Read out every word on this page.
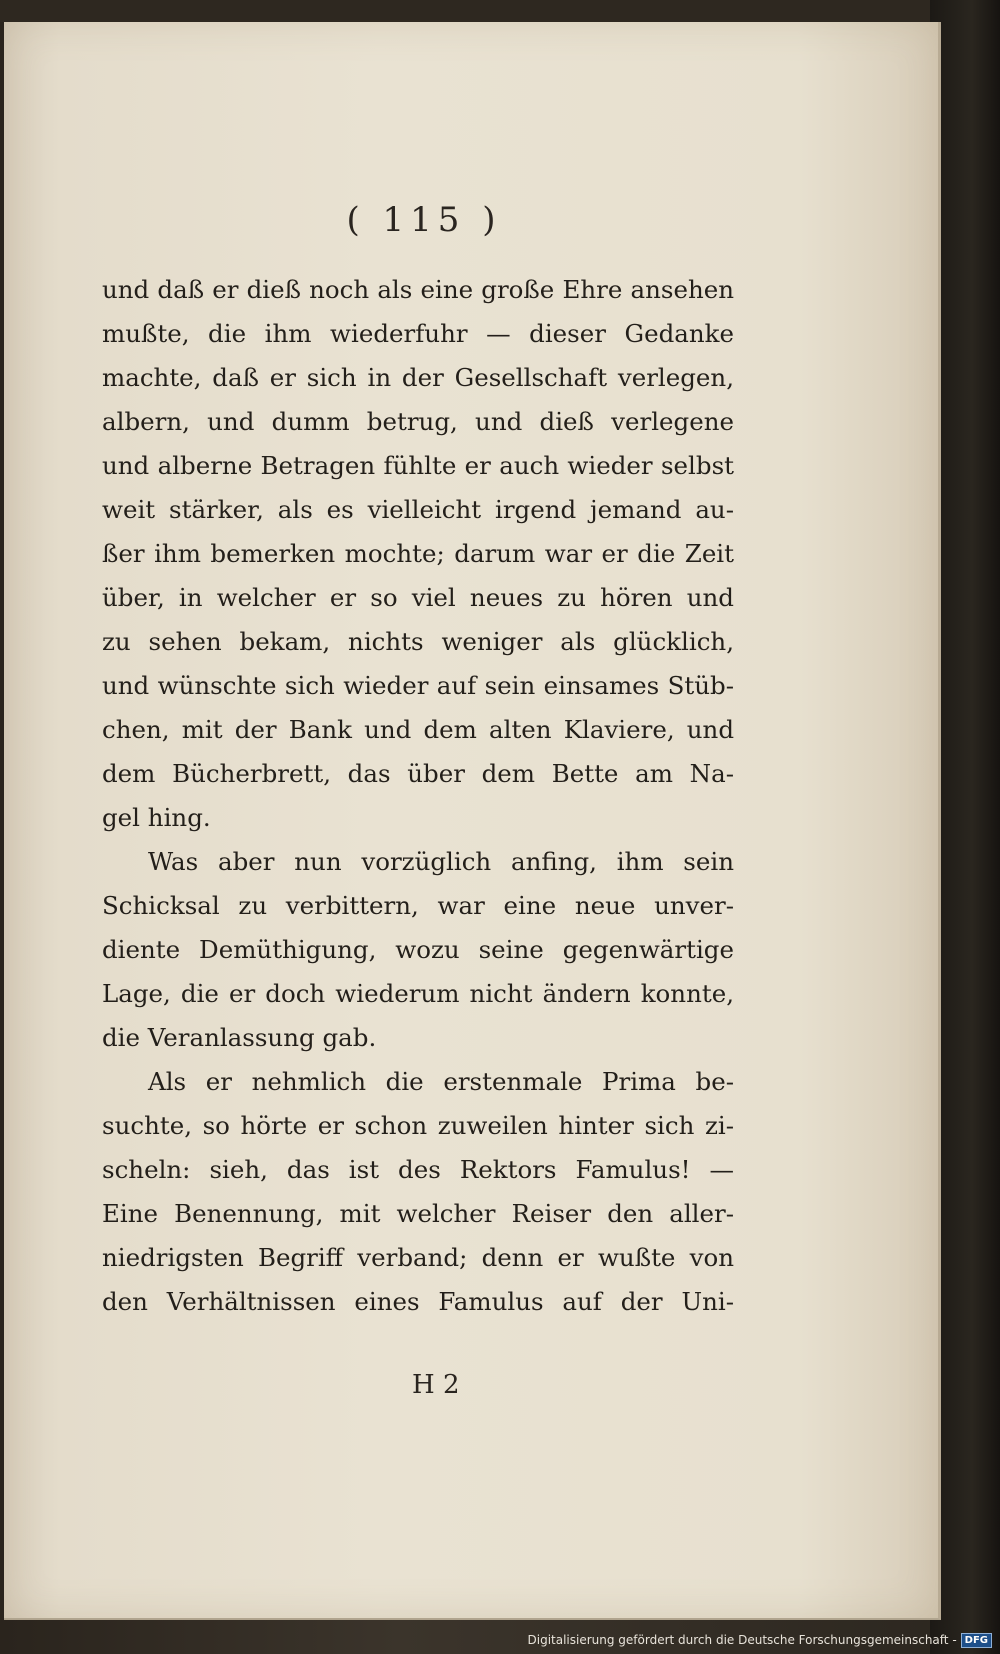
( 115 )
und daß er dieß noch als eine große Ehre ansehen
mußte, die ihm wiederfuhr — dieser Gedanke
machte, daß er sich in der Gesellschaft verlegen,
albern, und dumm betrug, und dieß verlegene
und alberne Betragen fühlte er auch wieder selbst
weit stärker, als es vielleicht irgend jemand au-
ßer ihm bemerken mochte; darum war er die Zeit
über, in welcher er so viel neues zu hören und
zu sehen bekam, nichts weniger als glücklich,
und wünschte sich wieder auf sein einsames Stüb-
chen, mit der Bank und dem alten Klaviere, und
dem Bücherbrett, das über dem Bette am Na-
gel hing.
Was aber nun vorzüglich anfing, ihm sein
Schicksal zu verbittern, war eine neue unver-
diente Demüthigung, wozu seine gegenwärtige
Lage, die er doch wiederum nicht ändern konnte,
die Veranlassung gab.
Als er nehmlich die erstenmale Prima be-
suchte, so hörte er schon zuweilen hinter sich zi-
scheln: sieh, das ist des Rektors Famulus! —
Eine Benennung, mit welcher Reiser den aller-
niedrigsten Begriff verband; denn er wußte von
den Verhältnissen eines Famulus auf der Uni-
H 2
Digitalisierung gefördert durch die Deutsche Forschungsgemeinschaft - DFG
